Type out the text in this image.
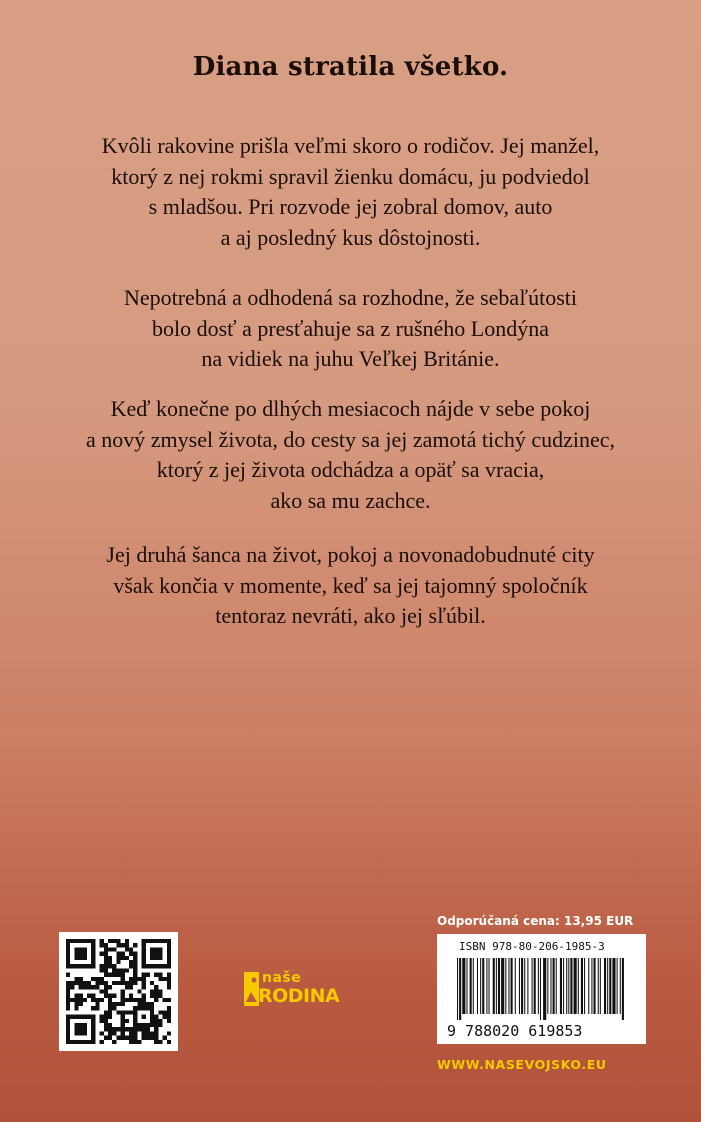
Diana stratila všetko.

Kvôli rakovine prišla veľmi skoro o rodičov. Jej manžel,
ktorý z nej rokmi spravil žienku domácu, ju podviedol
s mladšou. Pri rozvode jej zobral domov, auto
a aj posledný kus dôstojnosti.

Nepotrebná a odhodená sa rozhodne, že sebaľútosti
bolo dosť a presťahuje sa z rušného Londýna
na vidiek na juhu Veľkej Británie.

Keď konečne po dlhých mesiacoch nájde v sebe pokoj
a nový zmysel života, do cesty sa jej zamotá tichý cudzinec,
ktorý z jej života odchádza a opäť sa vracia,
ako sa mu zachce.

Jej druhá šanca na život, pokoj a novonadobudnuté city
však končia v momente, keď sa jej tajomný spoločník
tentoraz nevráti, ako jej sľúbil.

naše
RODINA
Odporúčaná cena: 13,95 EUR
ISBN 978-80-206-1985-3
9 788020 619853
WWW.NASEVOJSKO.EU
